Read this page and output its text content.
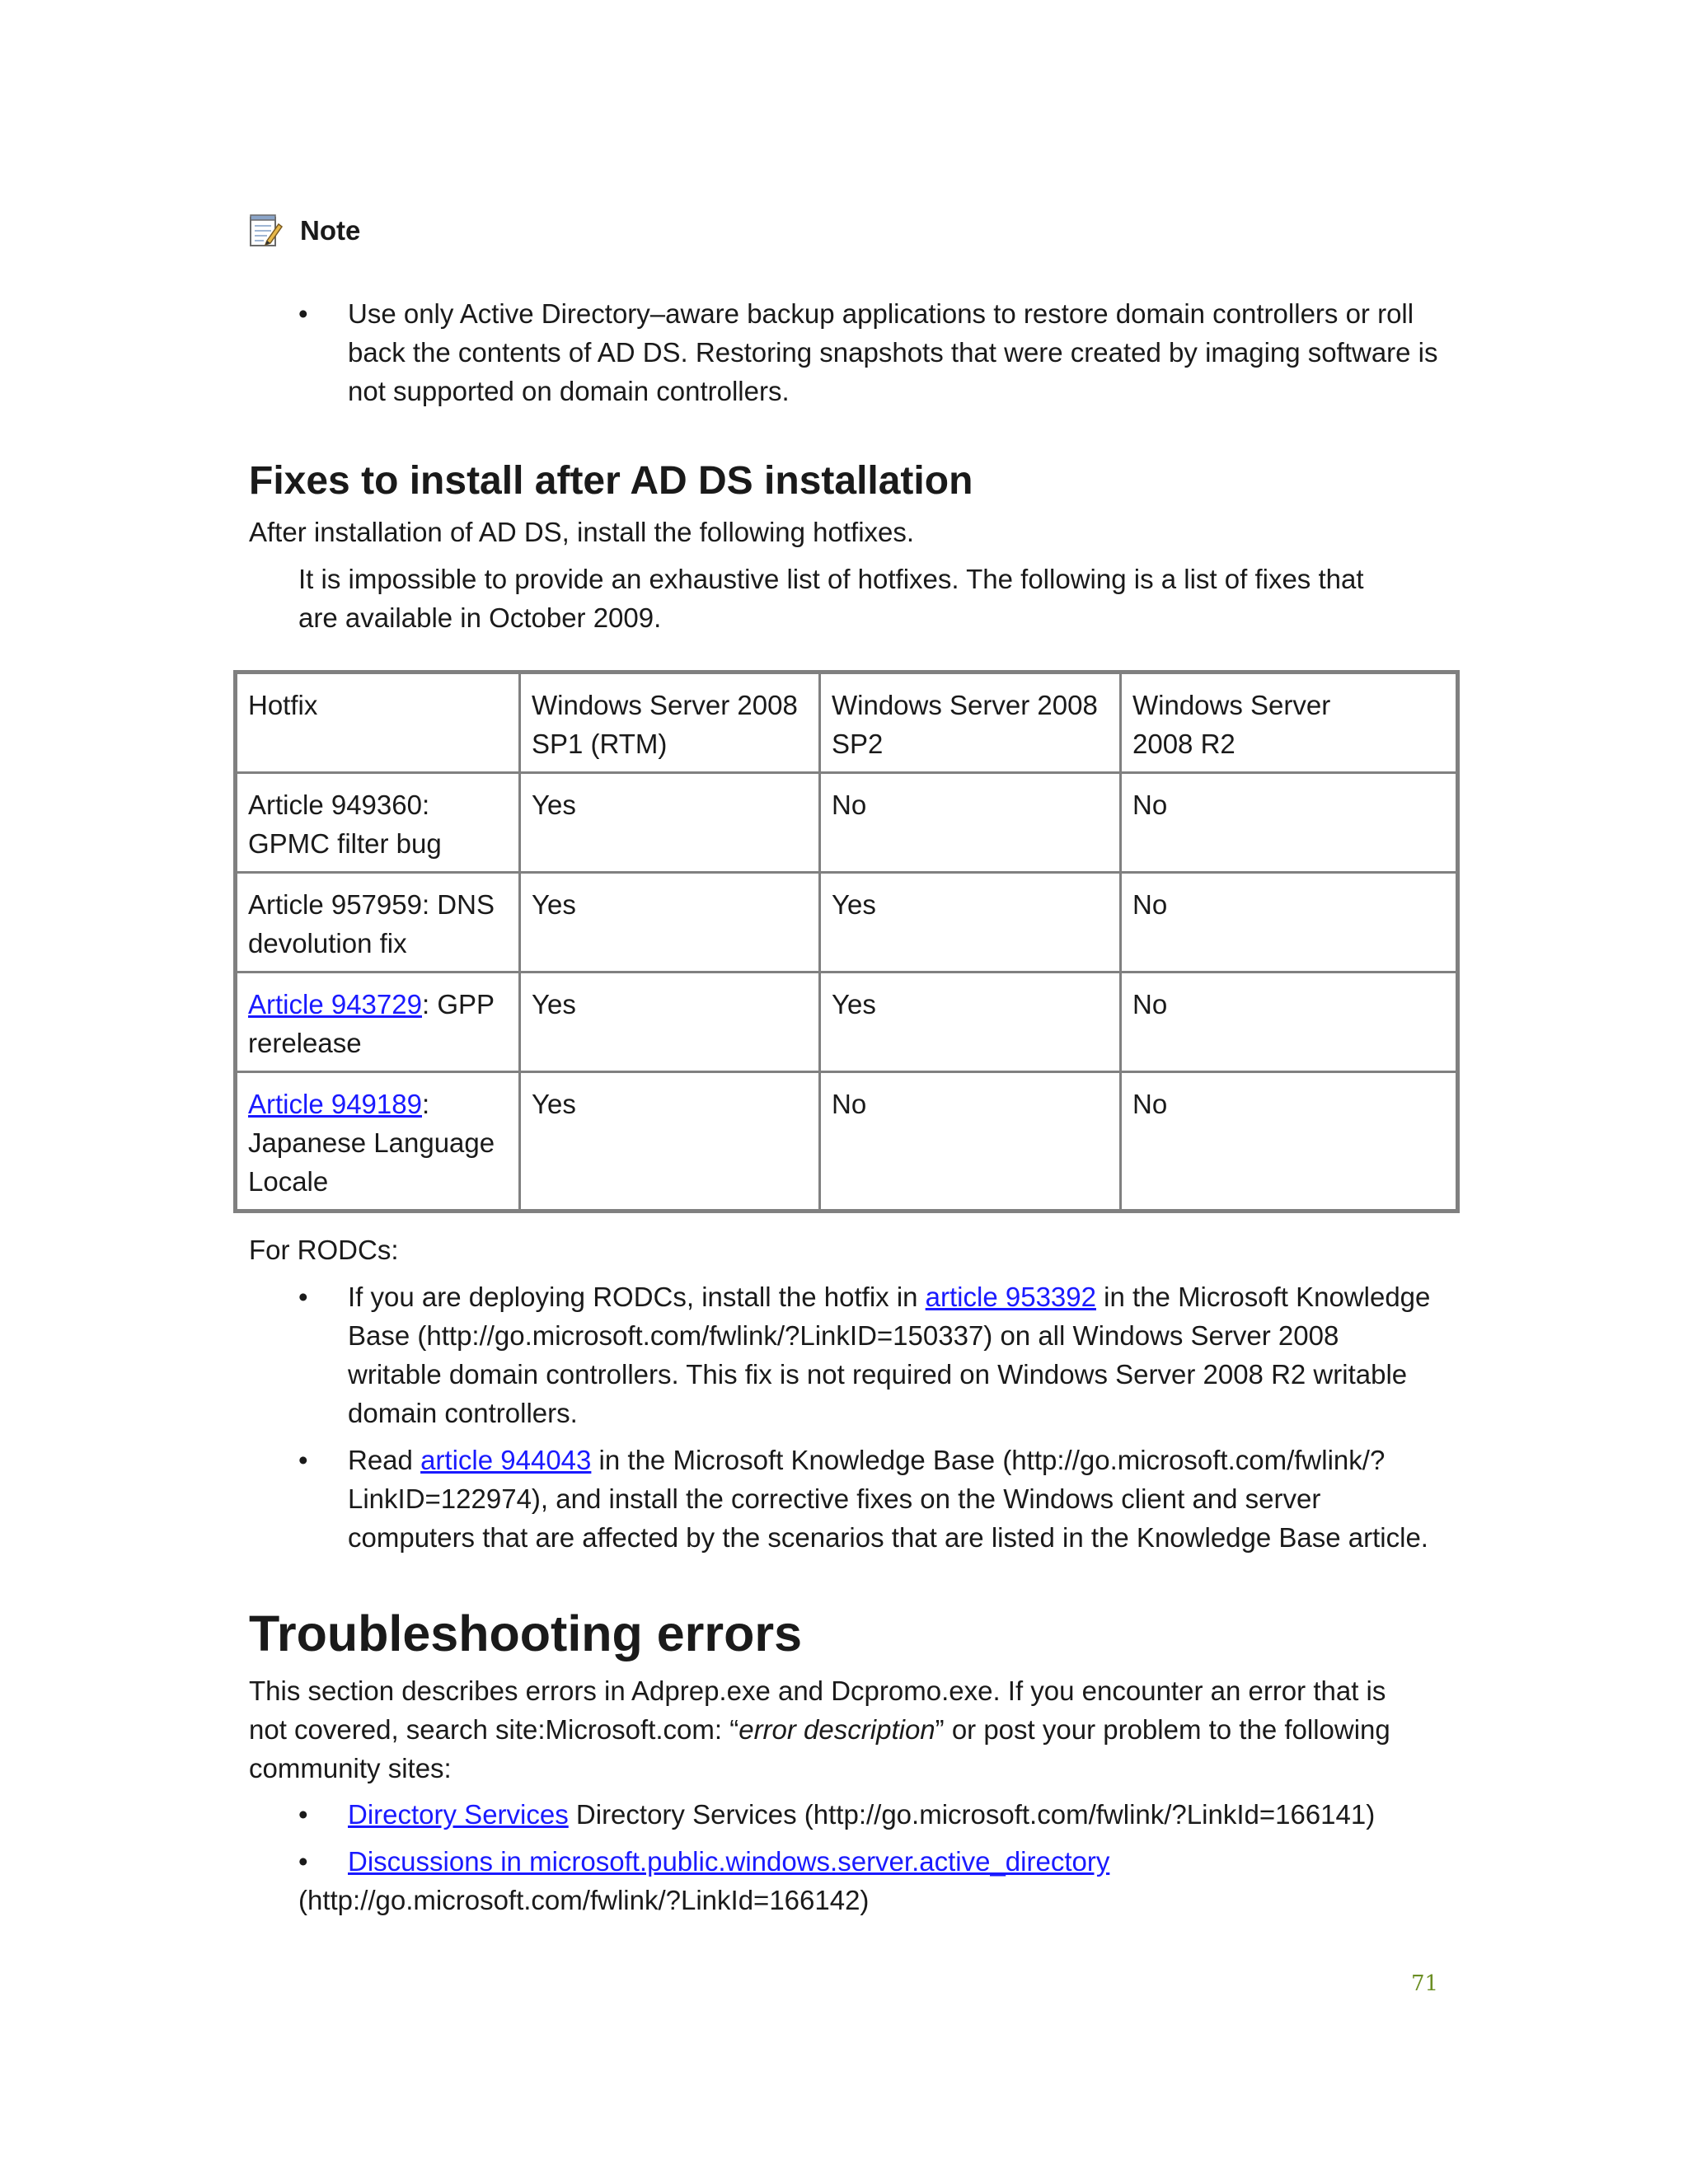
Note
•	Use only Active Directory–aware backup applications to restore domain controllers or roll back the contents of AD DS. Restoring snapshots that were created by imaging software is not supported on domain controllers.
Fixes to install after AD DS installation
After installation of AD DS, install the following hotfixes.
It is impossible to provide an exhaustive list of hotfixes. The following is a list of fixes that are available in October 2009.
Hotfix	Windows Server 2008 SP1 (RTM)	Windows Server 2008 SP2	Windows Server 2008 R2
Article 949360: GPMC filter bug	Yes	No	No
Article 957959: DNS devolution fix	Yes	Yes	No
Article 943729: GPP rerelease	Yes	Yes	No
Article 949189: Japanese Language Locale	Yes	No	No
For RODCs:
•	If you are deploying RODCs, install the hotfix in article 953392 in the Microsoft Knowledge Base (http://go.microsoft.com/fwlink/?LinkID=150337) on all Windows Server 2008 writable domain controllers. This fix is not required on Windows Server 2008 R2 writable domain controllers.
•	Read article 944043 in the Microsoft Knowledge Base (http://go.microsoft.com/fwlink/?LinkID=122974), and install the corrective fixes on the Windows client and server computers that are affected by the scenarios that are listed in the Knowledge Base article.
Troubleshooting errors
This section describes errors in Adprep.exe and Dcpromo.exe. If you encounter an error that is not covered, search site:Microsoft.com: “error description” or post your problem to the following community sites:
•	Directory Services Directory Services (http://go.microsoft.com/fwlink/?LinkId=166141)
•	Discussions in microsoft.public.windows.server.active_directory
(http://go.microsoft.com/fwlink/?LinkId=166142)
71
